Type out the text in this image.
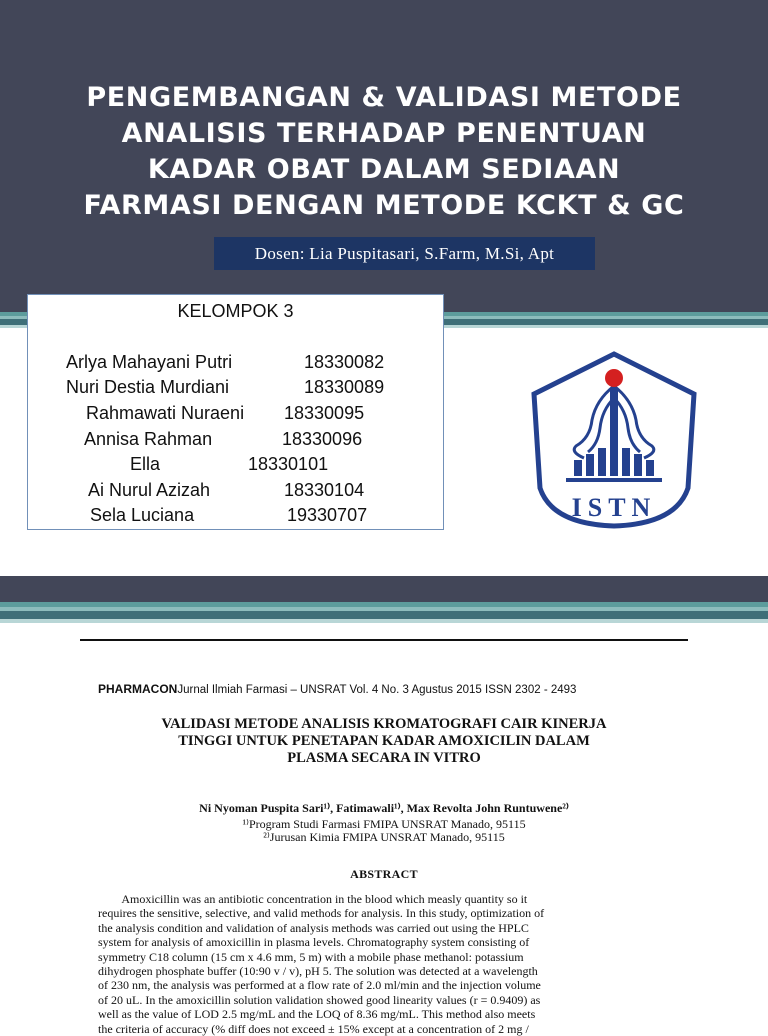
PENGEMBANGAN & VALIDASI METODE
ANALISIS TERHADAP PENENTUAN
KADAR OBAT DALAM SEDIAAN
FARMASI DENGAN METODE KCKT & GC
Dosen: Lia Puspitasari, S.Farm, M.Si, Apt
KELOMPOK 3
Arlya Mahayani Putri	18330082
Nuri Destia Murdiani	18330089
Rahmawati Nuraeni 18330095
Annisa Rahman	18330096
Ella	18330101
Ai Nurul Azizah	18330104
Sela Luciana	19330707	ISTN
PHARMACONJurnal Ilmiah Farmasi – UNSRAT Vol. 4 No. 3 Agustus 2015 ISSN 2302 - 2493
VALIDASI METODE ANALISIS KROMATOGRAFI CAIR KINERJA
TINGGI UNTUK PENETAPAN KADAR AMOXICILIN DALAM
PLASMA SECARA IN VITRO
Ni Nyoman Puspita Sari¹⁾, Fatimawali¹⁾, Max Revolta John Runtuwene²⁾
¹⁾Program Studi Farmasi FMIPA UNSRAT Manado, 95115
²⁾Jurusan Kimia FMIPA UNSRAT Manado, 95115
ABSTRACT

Amoxicillin was an antibiotic concentration in the blood which measly quantity so it

requires the sensitive, selective, and valid methods for analysis. In this study, optimization of

the analysis condition and validation of analysis methods was carried out using the HPLC

system for analysis of amoxicillin in plasma levels. Chromatography system consisting of

symmetry C18 column (15 cm x 4.6 mm, 5 m) with a mobile phase methanol: potassium

dihydrogen phosphate buffer (10:90 v / v), pH 5. The solution was detected at a wavelength

of 230 nm, the analysis was performed at a flow rate of 2.0 ml/min and the injection volume

of 20 uL. In the amoxicillin solution validation showed good linearity values (r = 0.9409) as

well as the value of LOD 2.5 mg/mL and the LOQ of 8.36 mg/mL. This method also meets

the criteria of accuracy (% diff does not exceed ± 15% except at a concentration of 2 mg /
